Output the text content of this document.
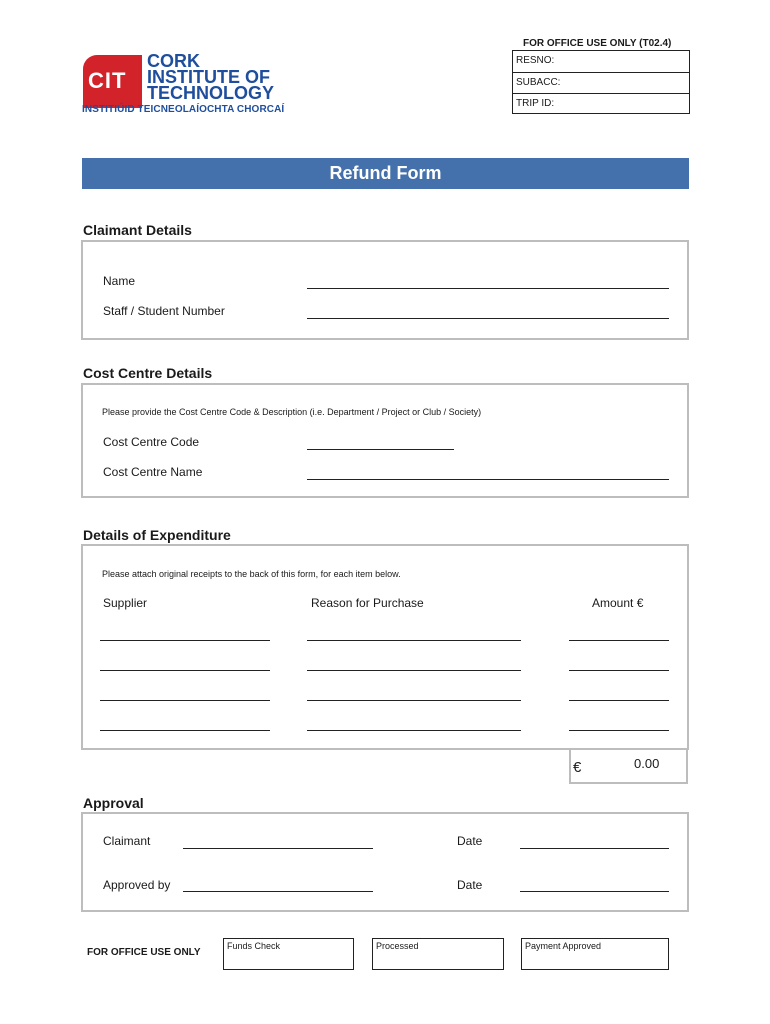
CIT
CORK
INSTITUTE OF
TECHNOLOGY
INSTITIÚID TEICNEOLAÍOCHTA CHORCAÍ
FOR OFFICE USE ONLY (T02.4)
RESNO:
SUBACC:
TRIP ID:
Refund Form
Claimant Details
Name
Staff / Student Number
Cost Centre Details
Please provide the Cost Centre Code & Description (i.e. Department / Project or Club / Society)
Cost Centre Code
Cost Centre Name
Details of Expenditure
Please attach original receipts to the back of this form, for each item below.
Supplier	Reason for Purchase	Amount €
€	0.00
Approval
Claimant	Date
Approved by	Date
FOR OFFICE USE ONLY
Funds Check	Processed	Payment Approved
